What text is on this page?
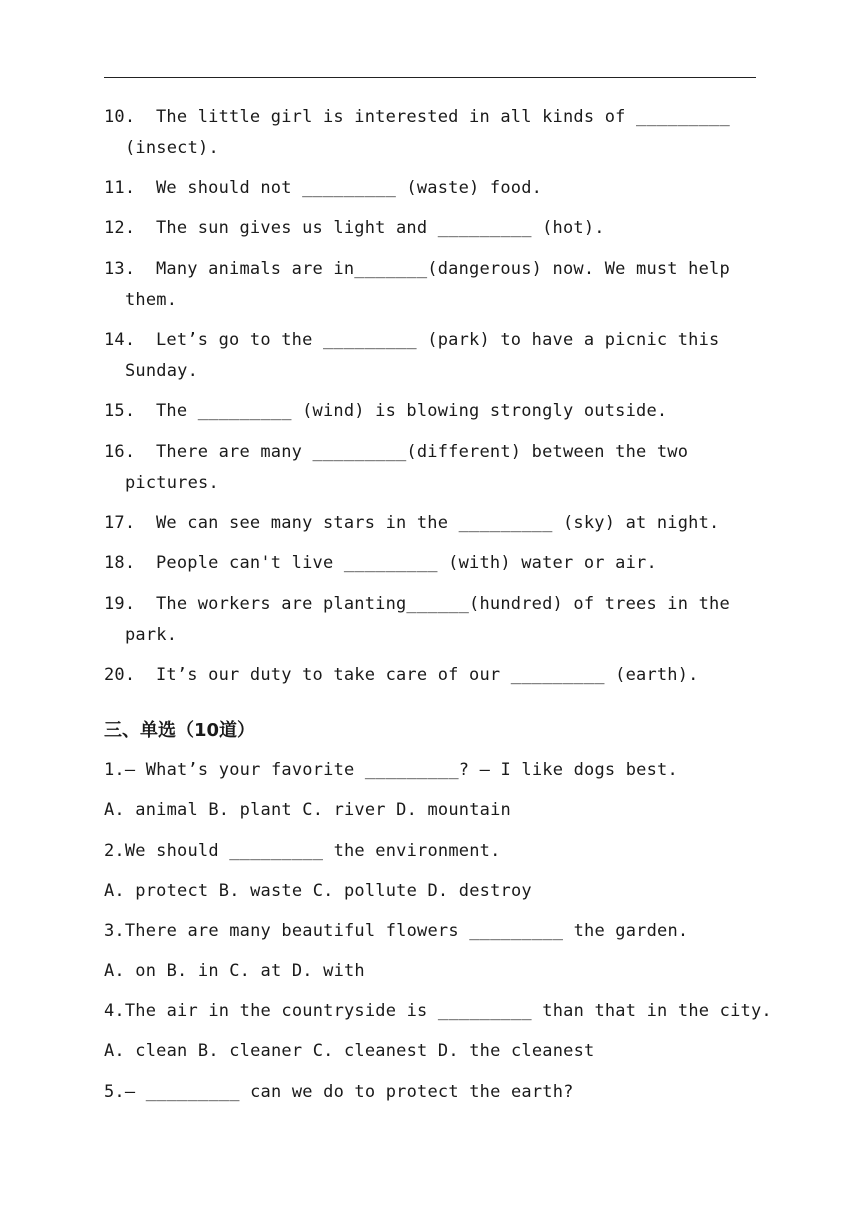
10. The little girl is interested in all kinds of _________
(insect).
11. We should not _________ (waste) food.
12. The sun gives us light and _________ (hot).
13. Many animals are in_______(dangerous) now. We must help
them.
14. Let’s go to the _________ (park) to have a picnic this
Sunday.
15. The _________ (wind) is blowing strongly outside.
16. There are many _________(different) between the two
pictures.
17. We can see many stars in the _________ (sky) at night.
18. People can't live _________ (with) water or air.
19. The workers are planting______(hundred) of trees in the
park.
20. It’s our duty to take care of our _________ (earth).
三、单选（10道）
1.— What’s your favorite _________? — I like dogs best.
A. animal B. plant C. river D. mountain
2.We should _________ the environment.
A. protect B. waste C. pollute D. destroy
3.There are many beautiful flowers _________ the garden.
A. on B. in C. at D. with
4.The air in the countryside is _________ than that in the city.
A. clean B. cleaner C. cleanest D. the cleanest
5.— _________ can we do to protect the earth?
